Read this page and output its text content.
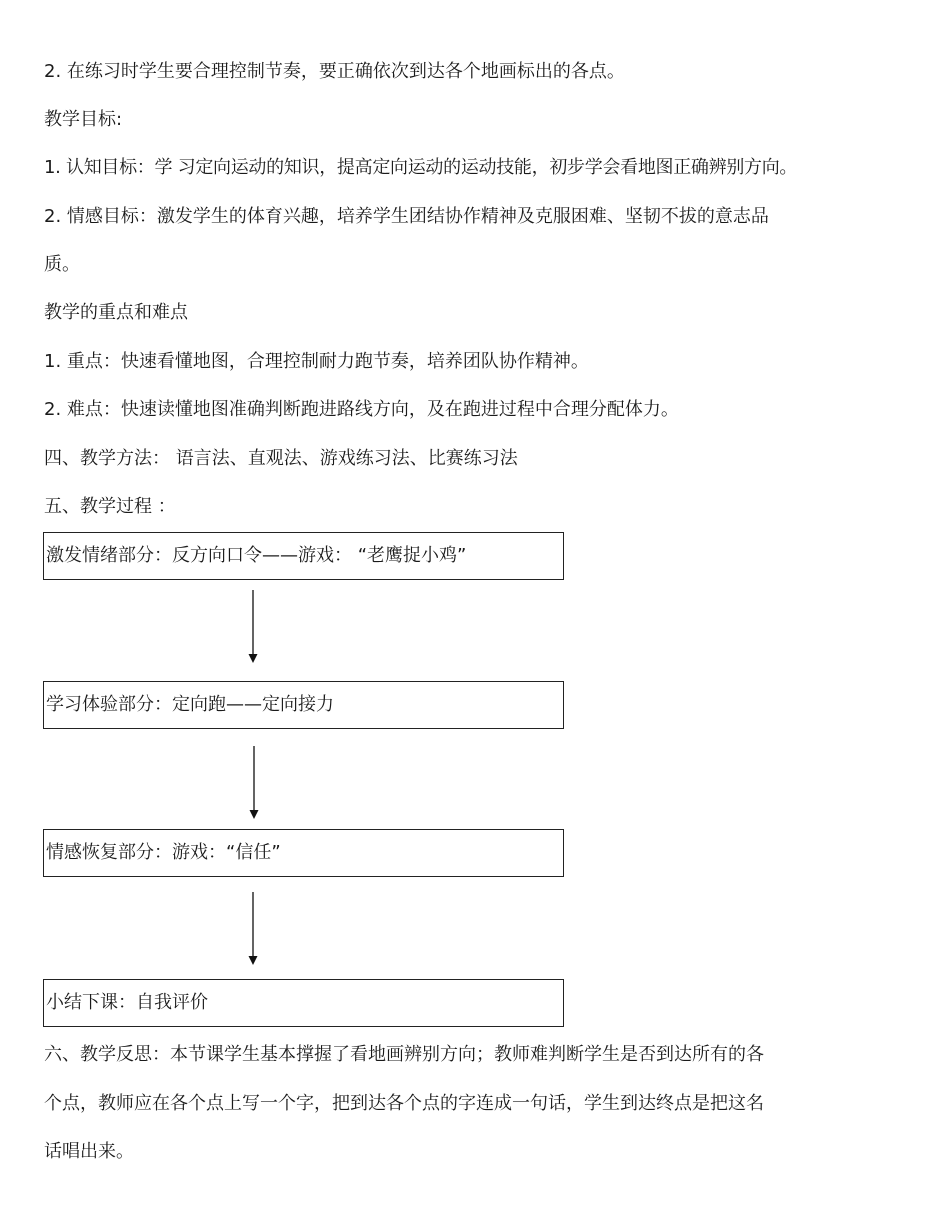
2. 在练习时学生要合理控制节奏，要正确依次到达各个地画标出的各点。
教学目标:
1. 认知目标：学 习定向运动的知识，提高定向运动的运动技能，初步学会看地图正确辨别方向。
2. 情感目标：激发学生的体育兴趣，培养学生团结协作精神及克服困难、坚韧不拔的意志品
质。
教学的重点和难点
1. 重点：快速看懂地图，合理控制耐力跑节奏，培养团队协作精神。
2. 难点：快速读懂地图准确判断跑进路线方向，及在跑进过程中合理分配体力。
四、教学方法： 语言法、直观法、游戏练习法、比赛练习法
五、教学过程 ：
激发情绪部分：反方向口令——游戏： “老鹰捉小鸡”
学习体验部分：定向跑——定向接力
情感恢复部分：游戏：“信任”
小结下课：自我评价
六、教学反思：本节课学生基本撑握了看地画辨别方向；教师难判断学生是否到达所有的各
个点，教师应在各个点上写一个字，把到达各个点的字连成一句话，学生到达终点是把这名
话唱出来。
